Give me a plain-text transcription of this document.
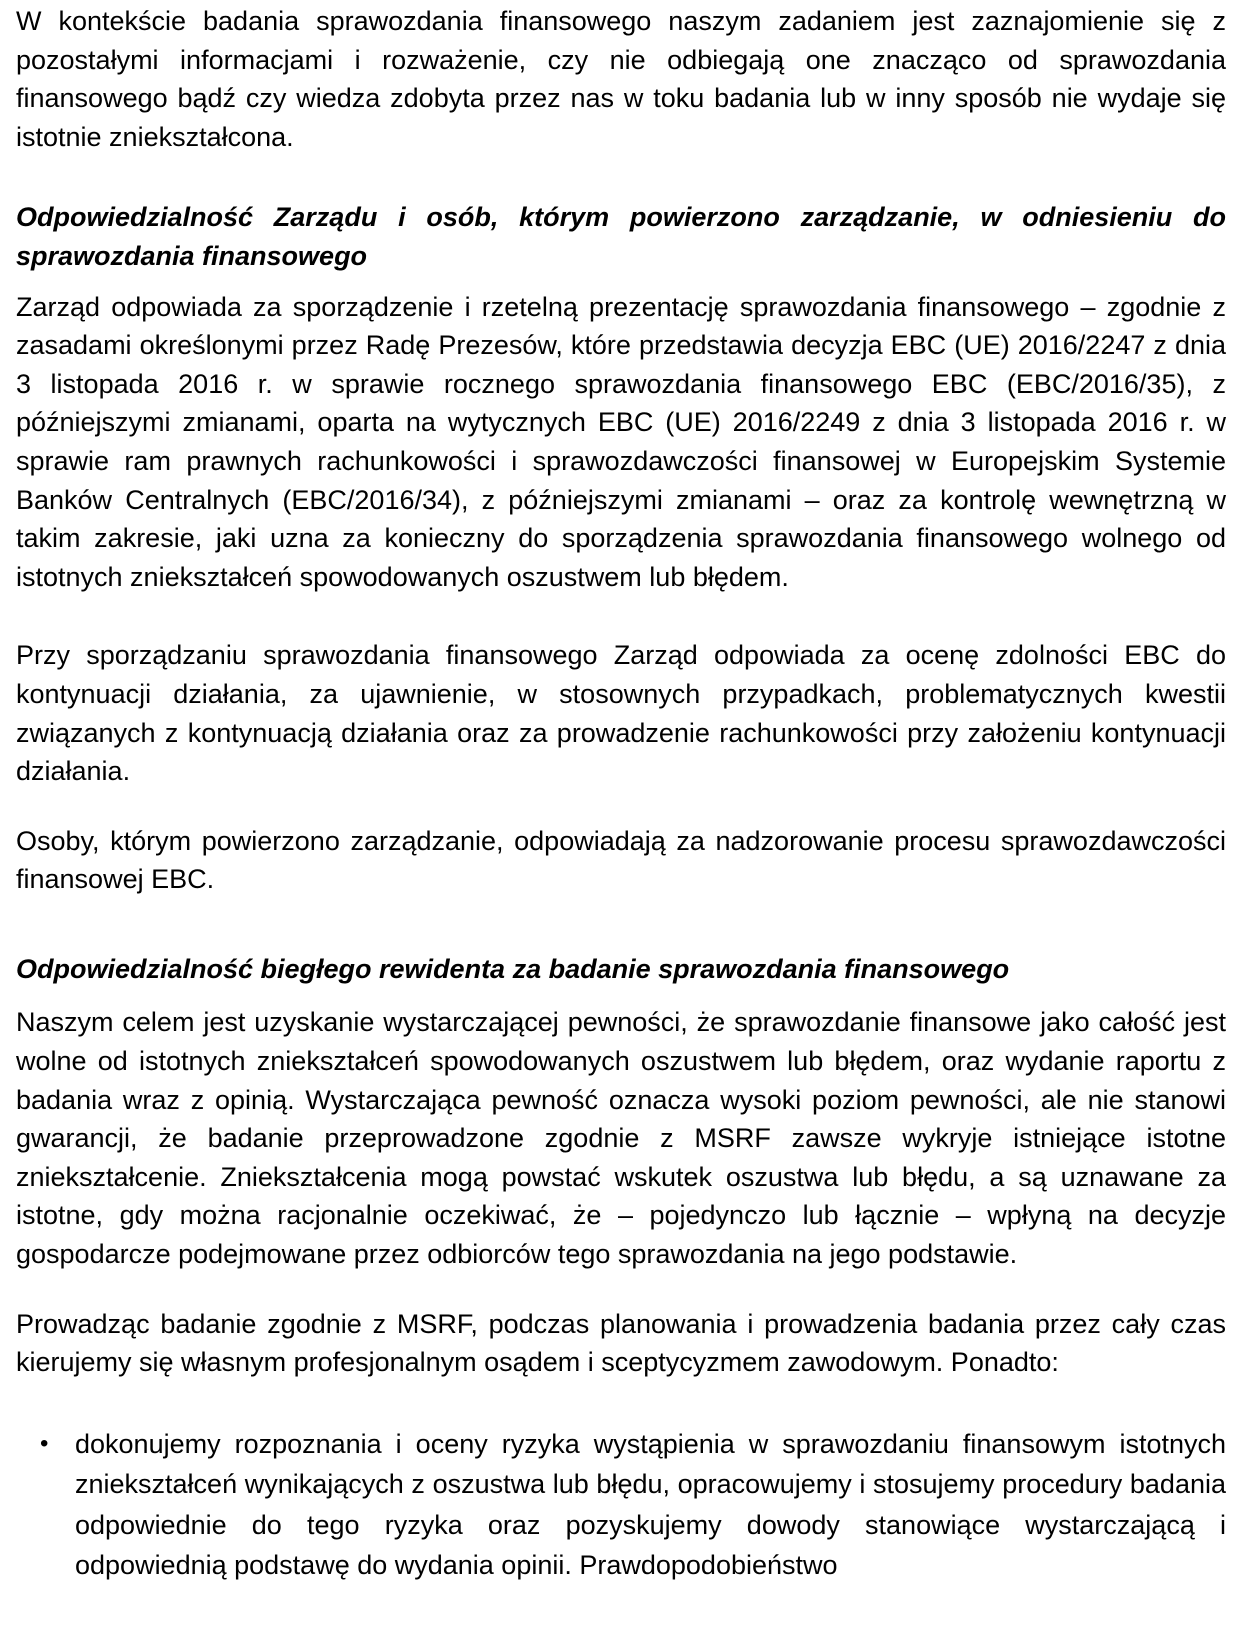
W kontekście badania sprawozdania finansowego naszym zadaniem jest zaznajomienie się z pozostałymi informacjami i rozważenie, czy nie odbiegają one znacząco od sprawozdania finansowego bądź czy wiedza zdobyta przez nas w toku badania lub w inny sposób nie wydaje się istotnie zniekształcona.

Odpowiedzialność Zarządu i osób, którym powierzono zarządzanie, w odniesieniu do sprawozdania finansowego

Zarząd odpowiada za sporządzenie i rzetelną prezentację sprawozdania finansowego – zgodnie z zasadami określonymi przez Radę Prezesów, które przedstawia decyzja EBC (UE) 2016/2247 z dnia 3 listopada 2016 r. w sprawie rocznego sprawozdania finansowego EBC (EBC/2016/35), z późniejszymi zmianami, oparta na wytycznych EBC (UE) 2016/2249 z dnia 3 listopada 2016 r. w sprawie ram prawnych rachunkowości i sprawozdawczości finansowej w Europejskim Systemie Banków Centralnych (EBC/2016/34), z późniejszymi zmianami – oraz za kontrolę wewnętrzną w takim zakresie, jaki uzna za konieczny do sporządzenia sprawozdania finansowego wolnego od istotnych zniekształceń spowodowanych oszustwem lub błędem.

Przy sporządzaniu sprawozdania finansowego Zarząd odpowiada za ocenę zdolności EBC do kontynuacji działania, za ujawnienie, w stosownych przypadkach, problematycznych kwestii związanych z kontynuacją działania oraz za prowadzenie rachunkowości przy założeniu kontynuacji działania.

Osoby, którym powierzono zarządzanie, odpowiadają za nadzorowanie procesu sprawozdawczości finansowej EBC.

Odpowiedzialność biegłego rewidenta za badanie sprawozdania finansowego

Naszym celem jest uzyskanie wystarczającej pewności, że sprawozdanie finansowe jako całość jest wolne od istotnych zniekształceń spowodowanych oszustwem lub błędem, oraz wydanie raportu z badania wraz z opinią. Wystarczająca pewność oznacza wysoki poziom pewności, ale nie stanowi gwarancji, że badanie przeprowadzone zgodnie z MSRF zawsze wykryje istniejące istotne zniekształcenie. Zniekształcenia mogą powstać wskutek oszustwa lub błędu, a są uznawane za istotne, gdy można racjonalnie oczekiwać, że – pojedynczo lub łącznie – wpłyną na decyzje gospodarcze podejmowane przez odbiorców tego sprawozdania na jego podstawie.

Prowadząc badanie zgodnie z MSRF, podczas planowania i prowadzenia badania przez cały czas kierujemy się własnym profesjonalnym osądem i sceptycyzmem zawodowym. Ponadto:

• dokonujemy rozpoznania i oceny ryzyka wystąpienia w sprawozdaniu finansowym istotnych zniekształceń wynikających z oszustwa lub błędu, opracowujemy i stosujemy procedury badania odpowiednie do tego ryzyka oraz pozyskujemy dowody stanowiące wystarczającą i odpowiednią podstawę do wydania opinii. Prawdopodobieństwo
